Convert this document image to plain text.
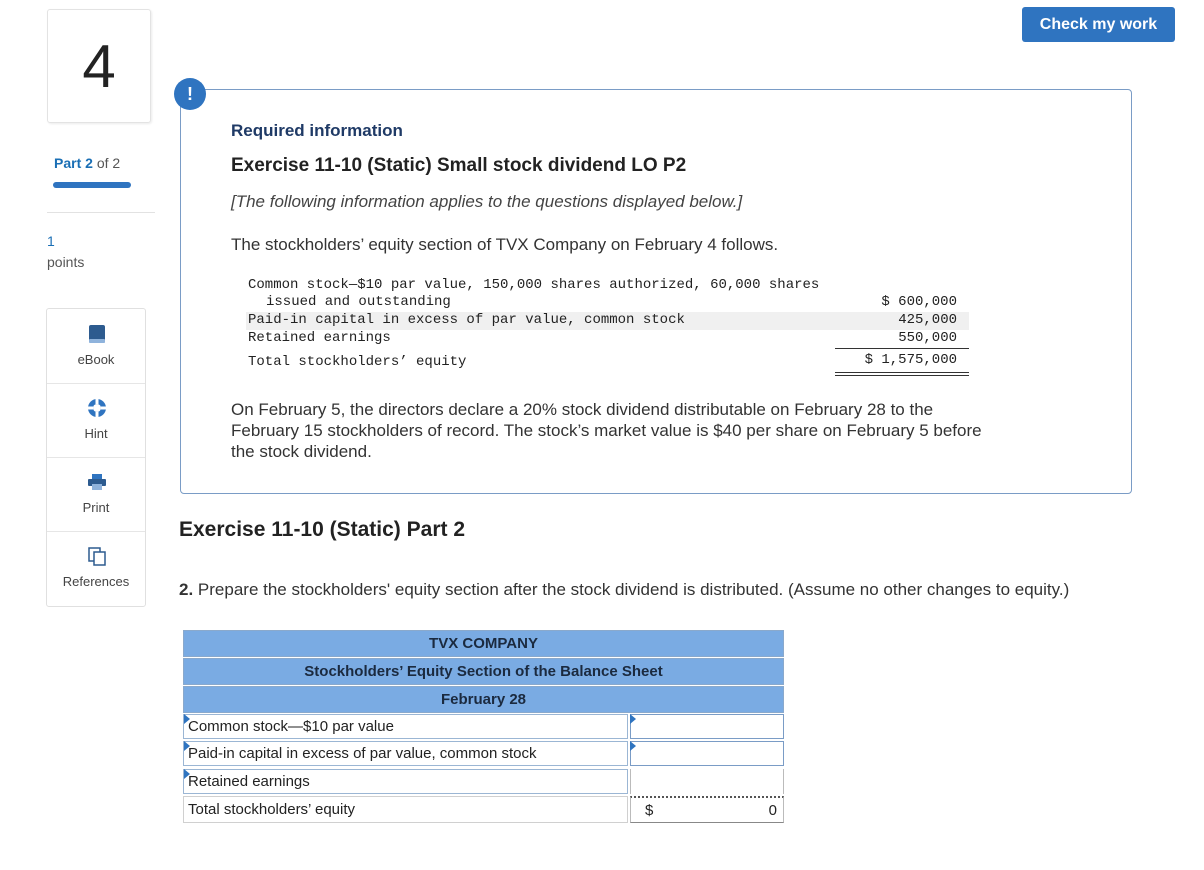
4
Part 2 of 2
1
points
eBook
Hint
Print
References
Check my work
!
Required information
Exercise 11-10 (Static) Small stock dividend LO P2
[The following information applies to the questions displayed below.]
The stockholders’ equity section of TVX Company on February 4 follows.
Common stock—$10 par value, 150,000 shares authorized, 60,000 shares
issued and outstanding	$ 600,000
Paid-in capital in excess of par value, common stock	425,000
Retained earnings	550,000
Total stockholders’ equity	$ 1,575,000
On February 5, the directors declare a 20% stock dividend distributable on February 28 to the
February 15 stockholders of record. The stock’s market value is $40 per share on February 5 before
the stock dividend.
Exercise 11-10 (Static) Part 2
2. Prepare the stockholders' equity section after the stock dividend is distributed. (Assume no other changes to equity.)
TVX COMPANY
Stockholders’ Equity Section of the Balance Sheet
February 28
Common stock—$10 par value
Paid-in capital in excess of par value, common stock
Retained earnings
Total stockholders’ equity	$	0
